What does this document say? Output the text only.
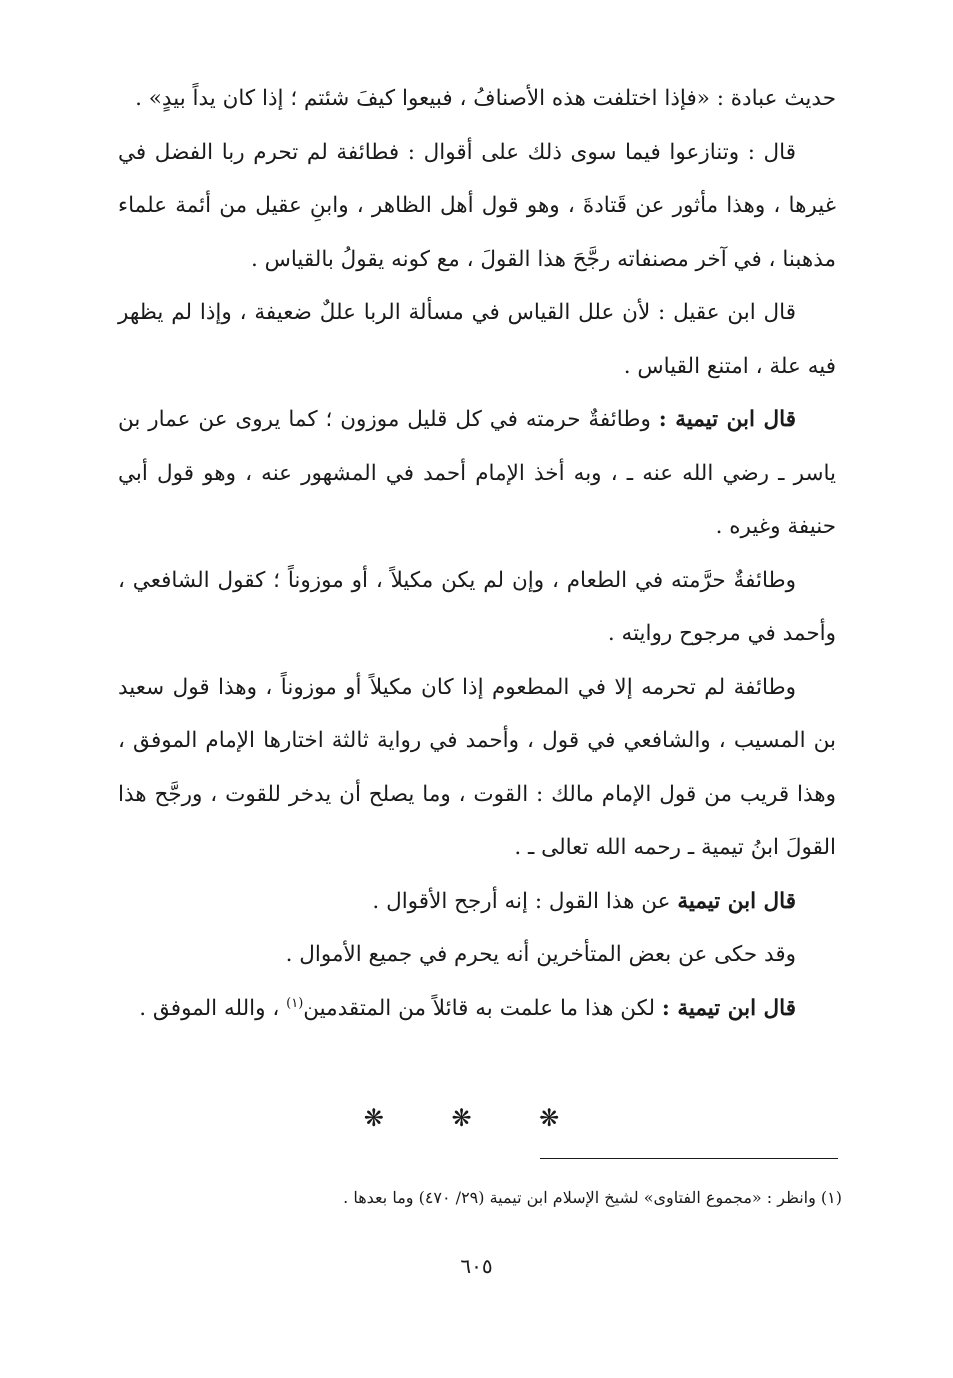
حديث عبادة : «فإذا اختلفت هذه الأصنافُ ، فبيعوا كيفَ شئتم ؛ إذا كان يداً بيدٍ» .

قال : وتنازعوا فيما سوى ذلك على أقوال : فطائفة لم تحرم ربا الفضل في غيرها ، وهذا مأثور عن قَتادةَ ، وهو قول أهل الظاهر ، وابنِ عقيل من أئمة علماء مذهبنا ، في آخر مصنفاته رجَّحَ هذا القولَ ، مع كونه يقولُ بالقياس .

قال ابن عقيل : لأن علل القياس في مسألة الربا عللٌ ضعيفة ، وإذا لم يظهر فيه علة ، امتنع القياس .

قال ابن تيمية : وطائفةٌ حرمته في كل قليل موزون ؛ كما يروى عن عمار بن ياسر ـ رضي الله عنه ـ ، وبه أخذ الإمام أحمد في المشهور عنه ، وهو قول أبي حنيفة وغيره .

وطائفةٌ حرَّمته في الطعام ، وإن لم يكن مكيلاً ، أو موزوناً ؛ كقول الشافعي ، وأحمد في مرجوح روايته .

وطائفة لم تحرمه إلا في المطعوم إذا كان مكيلاً أو موزوناً ، وهذا قول سعيد بن المسيب ، والشافعي في قول ، وأحمد في رواية ثالثة اختارها الإمام الموفق ، وهذا قريب من قول الإمام مالك : القوت ، وما يصلح أن يدخر للقوت ، ورجَّح هذا القولَ ابنُ تيمية ـ رحمه الله تعالى ـ .

قال ابن تيمية عن هذا القول : إنه أرجح الأقوال .

وقد حكى عن بعض المتأخرين أنه يحرم في جميع الأموال .

قال ابن تيمية : لكن هذا ما علمت به قائلاً من المتقدمين$^{(١)}$ ، والله الموفق .

❋ ❋ ❋
(١) وانظر : «مجموع الفتاوى» لشيخ الإسلام ابن تيمية (٢٩/ ٤٧٠) وما بعدها .
٦٠٥
